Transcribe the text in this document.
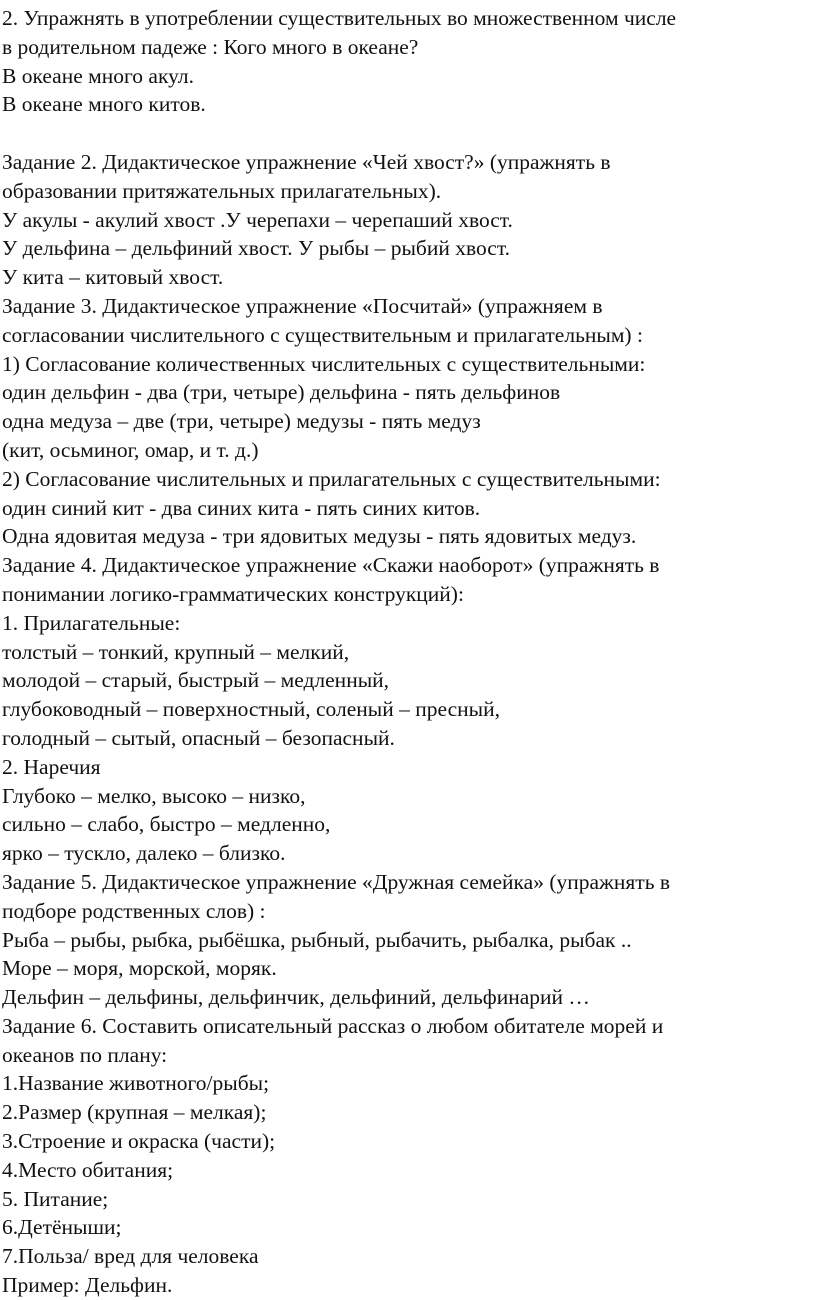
2. Упражнять в употреблении существительных во множественном числе

в родительном падеже : Кого много в океане?

В океане много акул.

В океане много китов.

Задание 2. Дидактическое упражнение «Чей хвост?» (упражнять в

образовании притяжательных прилагательных).

У акулы - акулий хвост .У черепахи – черепаший хвост.

У дельфина – дельфиний хвост. У рыбы – рыбий хвост.

У кита – китовый хвост.

Задание 3. Дидактическое упражнение «Посчитай» (упражняем в

согласовании числительного с существительным и прилагательным) :

1) Согласование количественных числительных с существительными:

один дельфин - два (три, четыре) дельфина - пять дельфинов

одна медуза – две (три, четыре) медузы - пять медуз

(кит, осьминог, омар, и т. д.)

2) Согласование числительных и прилагательных с существительными:

один синий кит - два синих кита - пять синих китов.

Одна ядовитая медуза - три ядовитых медузы - пять ядовитых медуз.

Задание 4. Дидактическое упражнение «Скажи наоборот» (упражнять в

понимании логико-грамматических конструкций):

1. Прилагательные:

толстый – тонкий, крупный – мелкий,

молодой – старый, быстрый – медленный,

глубоководный – поверхностный, соленый – пресный,

голодный – сытый, опасный – безопасный.

2. Наречия

Глубоко – мелко, высоко – низко,

сильно – слабо, быстро – медленно,

ярко – тускло, далеко – близко.

Задание 5. Дидактическое упражнение «Дружная семейка» (упражнять в

подборе родственных слов) :

Рыба – рыбы, рыбка, рыбёшка, рыбный, рыбачить, рыбалка, рыбак ..

Море – моря, морской, моряк.

Дельфин – дельфины, дельфинчик, дельфиний, дельфинарий …

Задание 6. Составить описательный рассказ о любом обитателе морей и

океанов по плану:

1.Название животного/рыбы;

2.Размер (крупная – мелкая);

3.Строение и окраска (части);

4.Место обитания;

5. Питание;

6.Детёныши;

7.Польза/ вред для человека

Пример: Дельфин.
